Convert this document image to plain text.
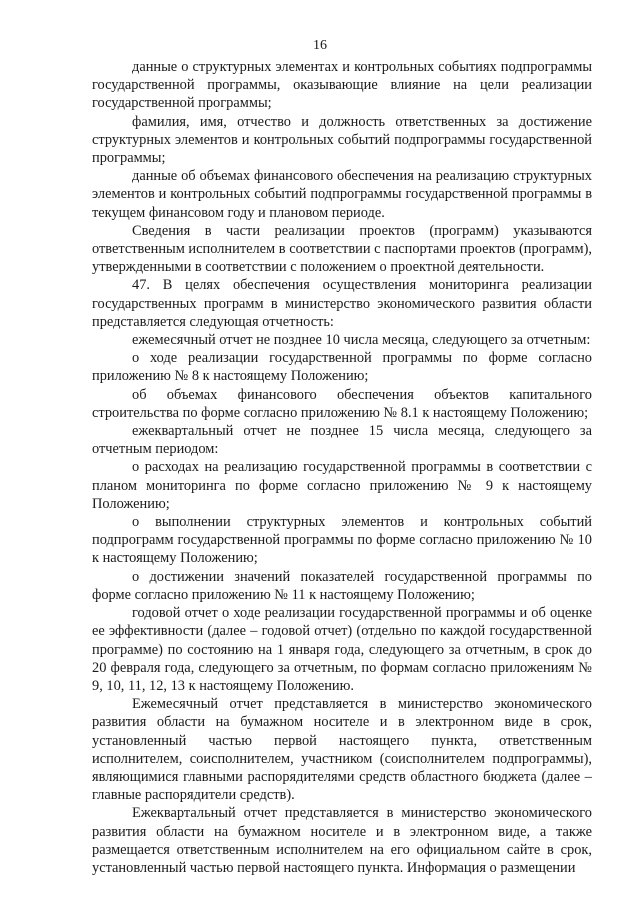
16

данные о структурных элементах и контрольных событиях подпрограммы государственной программы, оказывающие влияние на цели реализации государственной программы;

фамилия, имя, отчество и должность ответственных за достижение структурных элементов и контрольных событий подпрограммы государственной программы;

данные об объемах финансового обеспечения на реализацию структурных элементов и контрольных событий подпрограммы государственной программы в текущем финансовом году и плановом периоде.

Сведения в части реализации проектов (программ) указываются ответственным исполнителем в соответствии с паспортами проектов (программ), утвержденными в соответствии с положением о проектной деятельности.

47. В целях обеспечения осуществления мониторинга реализации государственных программ в министерство экономического развития области представляется следующая отчетность:

ежемесячный отчет не позднее 10 числа месяца, следующего за отчетным:

о ходе реализации государственной программы по форме согласно приложению № 8 к настоящему Положению;

об объемах финансового обеспечения объектов капитального строительства по форме согласно приложению № 8.1 к настоящему Положению;

ежеквартальный отчет не позднее 15 числа месяца, следующего за отчетным периодом:

о расходах на реализацию государственной программы в соответствии с планом мониторинга по форме согласно приложению № 9 к настоящему Положению;

о выполнении структурных элементов и контрольных событий подпрограмм государственной программы по форме согласно приложению № 10 к настоящему Положению;

о достижении значений показателей государственной программы по форме согласно приложению № 11 к настоящему Положению;

годовой отчет о ходе реализации государственной программы и об оценке ее эффективности (далее – годовой отчет) (отдельно по каждой государственной программе) по состоянию на 1 января года, следующего за отчетным, в срок до 20 февраля года, следующего за отчетным, по формам согласно приложениям № 9, 10, 11, 12, 13 к настоящему Положению.

Ежемесячный отчет представляется в министерство экономического развития области на бумажном носителе и в электронном виде в срок, установленный частью первой настоящего пункта, ответственным исполнителем, соисполнителем, участником (соисполнителем подпрограммы), являющимися главными распорядителями средств областного бюджета (далее – главные распорядители средств).

Ежеквартальный отчет представляется в министерство экономического развития области на бумажном носителе и в электронном виде, а также размещается ответственным исполнителем на его официальном сайте в срок, установленный частью первой настоящего пункта. Информация о размещении
